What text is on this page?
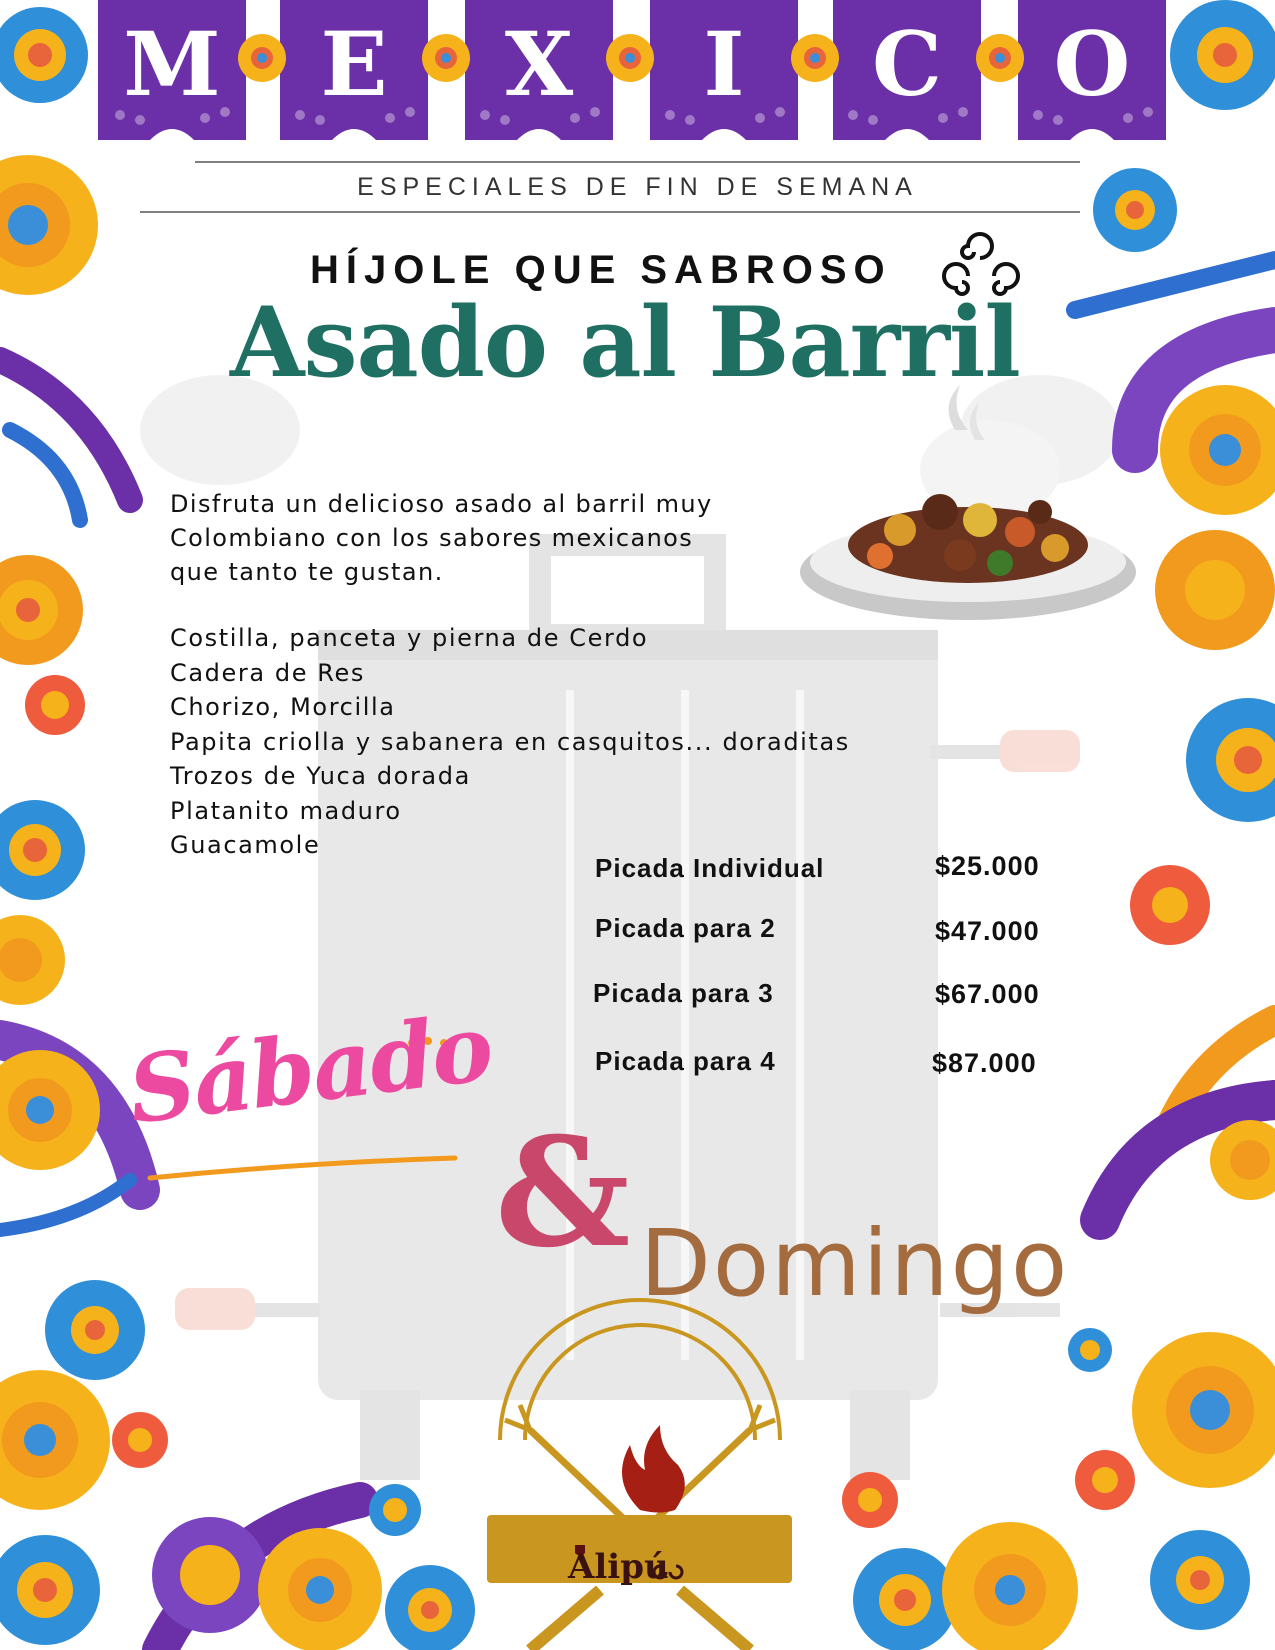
M	E	X	I	C	O
ESPECIALES DE FIN DE SEMANA
HÍJOLE QUE SABROSO
Asado al Barril
Disfruta un delicioso asado al barril muy
Colombiano con los sabores mexicanos
que tanto te gustan.
Costilla, panceta y pierna de Cerdo
Cadera de Res
Chorizo, Morcilla
Papita criolla y sabanera en casquitos... doraditas
Trozos de Yuca dorada
Platanito maduro
Guacamole
Picada Individual	$25.000
Picada para 2	$47.000
Picada para 3	$67.000
Picada para 4	$87.000
Sábado
& Domingo
Alipú
